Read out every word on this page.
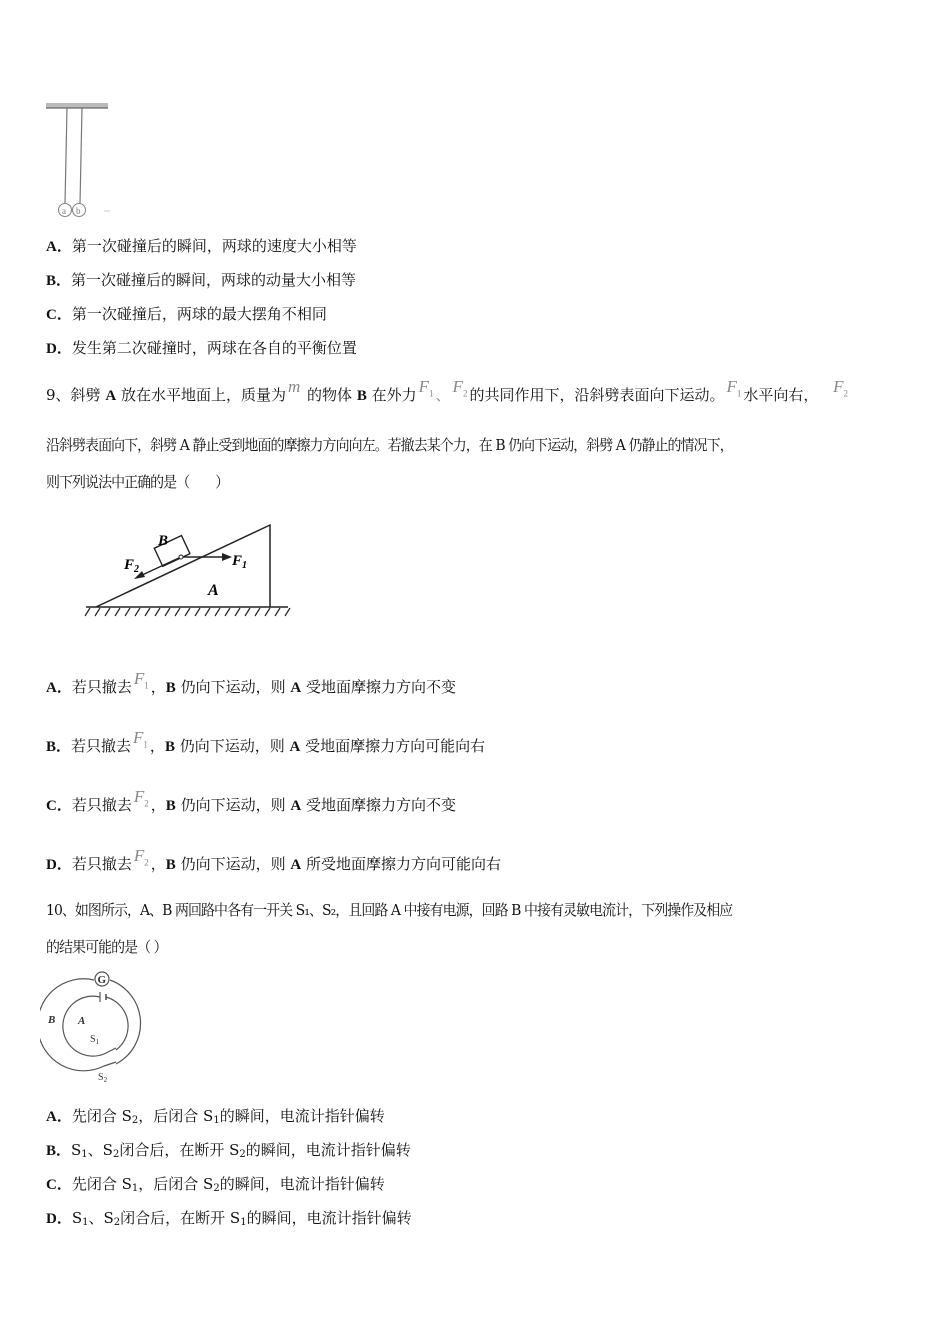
a b
A．第一次碰撞后的瞬间，两球的速度大小相等
B．第一次碰撞后的瞬间，两球的动量大小相等
C．第一次碰撞后，两球的最大摆角不相同
D．发生第二次碰撞时，两球在各自的平衡位置
9、斜劈 A 放在水平地面上，质量为 m 的物体 B 在外力 $F_1$ 、 $F_2$ 的共同作用下，沿斜劈表面向下运动。 $F_1$ 水平向右， $F_2$
沿斜劈表面向下，斜劈 A 静止受到地面的摩擦力方向向左。若撤去某个力，在 B 仍向下运动，斜劈 A 仍静止的情况下，
则下列说法中正确的是（　　）
B
$F_2$
$F_1$
A
A．若只撤去 $F_1$ ，B 仍向下运动，则 A 受地面摩擦力方向不变
B．若只撤去 $F_1$ ，B 仍向下运动，则 A 受地面摩擦力方向可能向右
C．若只撤去 $F_2$ ，B 仍向下运动，则 A 受地面摩擦力方向不变
D．若只撤去 $F_2$ ，B 仍向下运动，则 A 所受地面摩擦力方向可能向右
10、如图所示，A、B 两回路中各有一开关 S₁、S₂，且回路 A 中接有电源，回路 B 中接有灵敏电流计，下列操作及相应
的结果可能的是（ ）
G
B A
$S_1$
$S_2$
A．先闭合 $S_2$，后闭合 $S_1$的瞬间，电流计指针偏转
B．$S_1$、$S_2$闭合后，在断开 $S_2$的瞬间，电流计指针偏转
C．先闭合 $S_1$，后闭合 $S_2$的瞬间，电流计指针偏转
D．$S_1$、$S_2$闭合后，在断开 $S_1$的瞬间，电流计指针偏转
